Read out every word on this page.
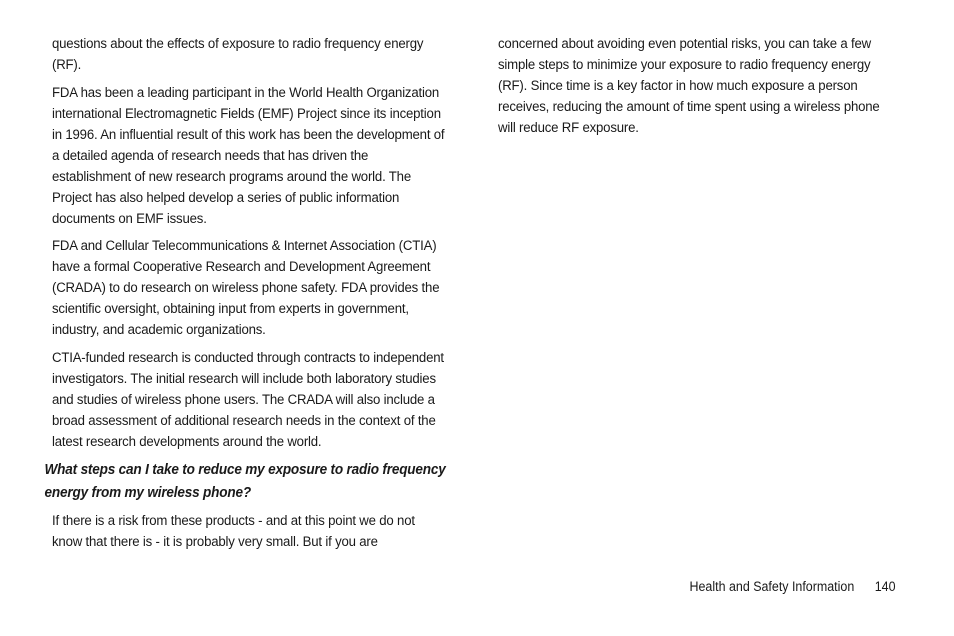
questions about the effects of exposure to radio frequency energy (RF).

FDA has been a leading participant in the World Health Organization international Electromagnetic Fields (EMF) Project since its inception in 1996. An influential result of this work has been the development of a detailed agenda of research needs that has driven the establishment of new research programs around the world. The Project has also helped develop a series of public information documents on EMF issues.

FDA and Cellular Telecommunications & Internet Association (CTIA) have a formal Cooperative Research and Development Agreement (CRADA) to do research on wireless phone safety. FDA provides the scientific oversight, obtaining input from experts in government, industry, and academic organizations.

CTIA-funded research is conducted through contracts to independent investigators. The initial research will include both laboratory studies and studies of wireless phone users. The CRADA will also include a broad assessment of additional research needs in the context of the latest research developments around the world.

What steps can I take to reduce my exposure to radio frequency energy from my wireless phone?

If there is a risk from these products - and at this point we do not know that there is - it is probably very small. But if you are

concerned about avoiding even potential risks, you can take a few simple steps to minimize your exposure to radio frequency energy (RF). Since time is a key factor in how much exposure a person receives, reducing the amount of time spent using a wireless phone will reduce RF exposure.

Health and Safety Information 140
